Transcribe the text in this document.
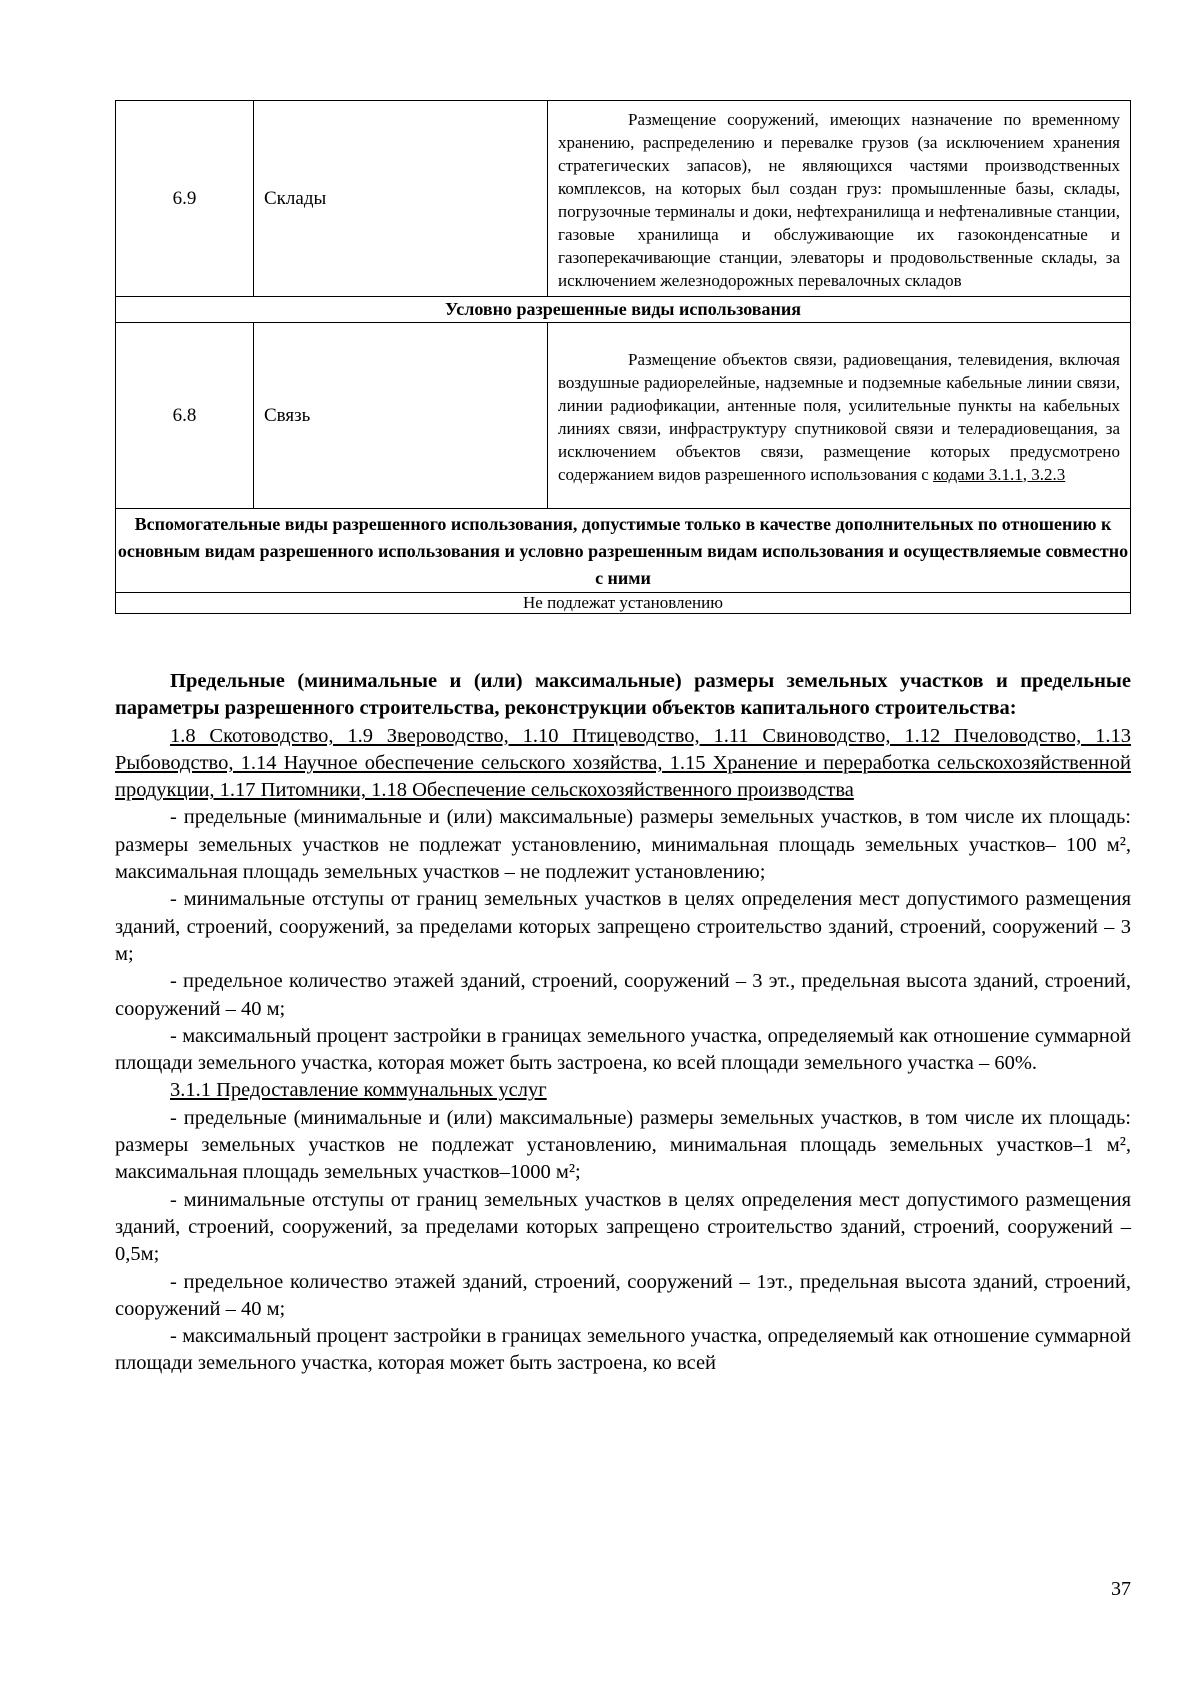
6.9	Склады	Размещение сооружений, имеющих назначение по временному хранению, распределению и перевалке грузов (за исключением хранения стратегических запасов), не являющихся частями производственных комплексов, на которых был создан груз: промышленные базы, склады, погрузочные терминалы и доки, нефтехранилища и нефтеналивные станции, газовые хранилища и обслуживающие их газоконденсатные и газоперекачивающие станции, элеваторы и продовольственные склады, за исключением железнодорожных перевалочных складов
Условно разрешенные виды использования		
6.8	Связь	Размещение объектов связи, радиовещания, телевидения, включая воздушные радиорелейные, надземные и подземные кабельные линии связи, линии радиофикации, антенные поля, усилительные пункты на кабельных линиях связи, инфраструктуру спутниковой связи и телерадиовещания, за исключением объектов связи, размещение которых предусмотрено содержанием видов разрешенного использования с кодами 3.1.1, 3.2.3
Вспомогательные виды разрешенного использования, допустимые только в качестве дополнительных по отношению к основным видам разрешенного использования и условно разрешенным видам использования и осуществляемые совместно с ними		
Не подлежат установлению		

Предельные (минимальные и (или) максимальные) размеры земельных участков и предельные параметры разрешенного строительства, реконструкции объектов капитального строительства:

1.8 Скотоводство, 1.9 Звероводство, 1.10 Птицеводство, 1.11 Свиноводство, 1.12 Пчеловодство, 1.13 Рыбоводство, 1.14 Научное обеспечение сельского хозяйства, 1.15 Хранение и переработка сельскохозяйственной продукции, 1.17 Питомники, 1.18 Обеспечение сельскохозяйственного производства

- предельные (минимальные и (или) максимальные) размеры земельных участков, в том числе их площадь: размеры земельных участков не подлежат установлению, минимальная площадь земельных участков– 100 м², максимальная площадь земельных участков – не подлежит установлению;

- минимальные отступы от границ земельных участков в целях определения мест допустимого размещения зданий, строений, сооружений, за пределами которых запрещено строительство зданий, строений, сооружений – 3 м;

- предельное количество этажей зданий, строений, сооружений – 3 эт., предельная высота зданий, строений, сооружений – 40 м;

- максимальный процент застройки в границах земельного участка, определяемый как отношение суммарной площади земельного участка, которая может быть застроена, ко всей площади земельного участка – 60%.

3.1.1 Предоставление коммунальных услуг

- предельные (минимальные и (или) максимальные) размеры земельных участков, в том числе их площадь: размеры земельных участков не подлежат установлению, минимальная площадь земельных участков–1 м², максимальная площадь земельных участков–1000 м²;

- минимальные отступы от границ земельных участков в целях определения мест допустимого размещения зданий, строений, сооружений, за пределами которых запрещено строительство зданий, строений, сооружений – 0,5м;

- предельное количество этажей зданий, строений, сооружений – 1эт., предельная высота зданий, строений, сооружений – 40 м;

- максимальный процент застройки в границах земельного участка, определяемый как отношение суммарной площади земельного участка, которая может быть застроена, ко всей

37
